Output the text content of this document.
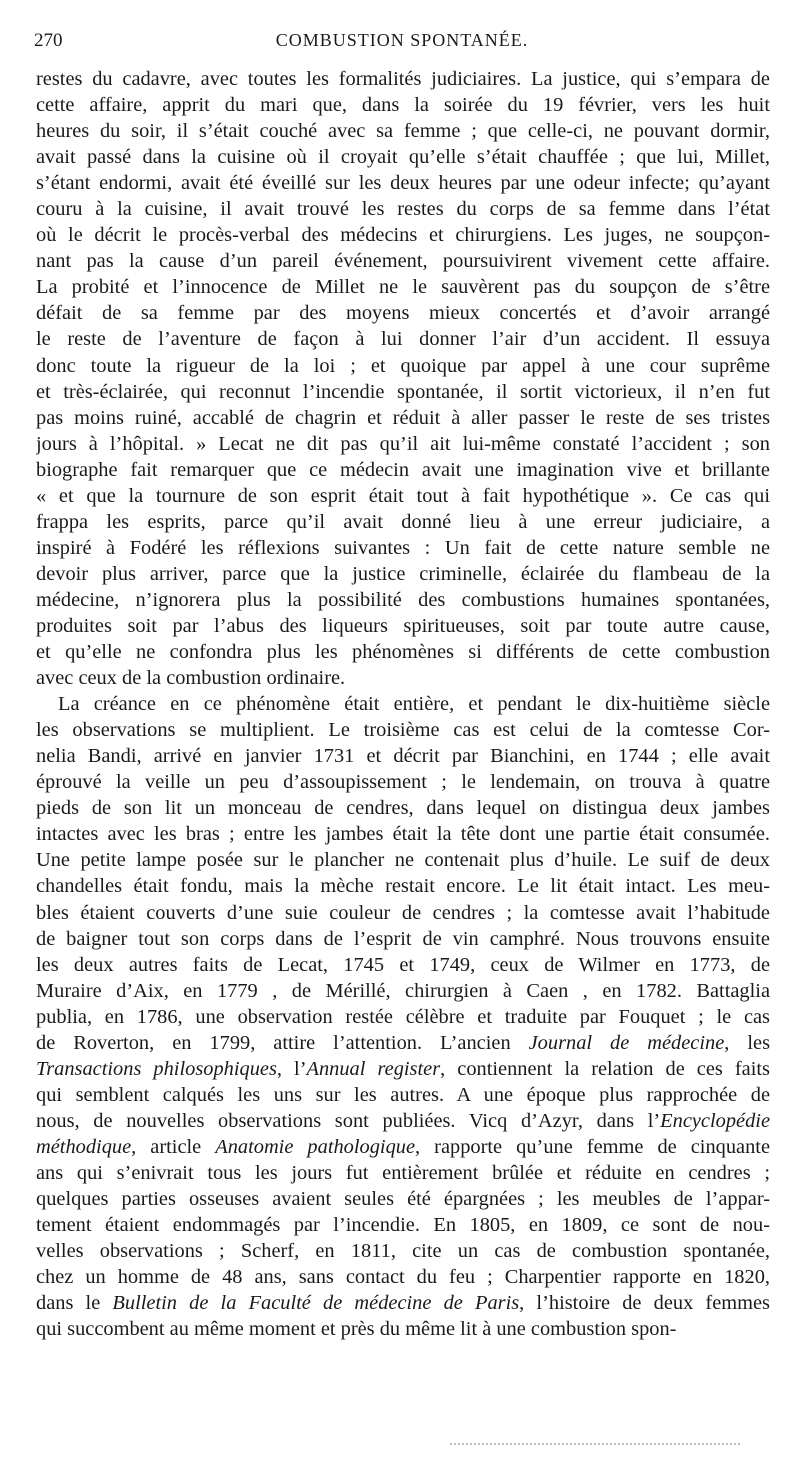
270	COMBUSTION SPONTANÉE.
restes du cadavre, avec toutes les formalités judiciaires. La justice, qui s’empara de
cette affaire, apprit du mari que, dans la soirée du 19 février, vers les huit
heures du soir, il s’était couché avec sa femme ; que celle-ci, ne pouvant dormir,
avait passé dans la cuisine où il croyait qu’elle s’était chauffée ; que lui, Millet,
s’étant endormi, avait été éveillé sur les deux heures par une odeur infecte; qu’ayant
couru à la cuisine, il avait trouvé les restes du corps de sa femme dans l’état
où le décrit le procès-verbal des médecins et chirurgiens. Les juges, ne soupçon-
nant pas la cause d’un pareil événement, poursuivirent vivement cette affaire.
La probité et l’innocence de Millet ne le sauvèrent pas du soupçon de s’être
défait de sa femme par des moyens mieux concertés et d’avoir arrangé
le reste de l’aventure de façon à lui donner l’air d’un accident. Il essuya
donc toute la rigueur de la loi ; et quoique par appel à une cour suprême
et très-éclairée, qui reconnut l’incendie spontanée, il sortit victorieux, il n’en fut
pas moins ruiné, accablé de chagrin et réduit à aller passer le reste de ses tristes
jours à l’hôpital. » Lecat ne dit pas qu’il ait lui-même constaté l’accident ; son
biographe fait remarquer que ce médecin avait une imagination vive et brillante
« et que la tournure de son esprit était tout à fait hypothétique ». Ce cas qui
frappa les esprits, parce qu’il avait donné lieu à une erreur judiciaire, a
inspiré à Fodéré les réflexions suivantes : Un fait de cette nature semble ne
devoir plus arriver, parce que la justice criminelle, éclairée du flambeau de la
médecine, n’ignorera plus la possibilité des combustions humaines spontanées,
produites soit par l’abus des liqueurs spiritueuses, soit par toute autre cause,
et qu’elle ne confondra plus les phénomènes si différents de cette combustion
avec ceux de la combustion ordinaire.
La créance en ce phénomène était entière, et pendant le dix-huitième siècle
les observations se multiplient. Le troisième cas est celui de la comtesse Cor-
nelia Bandi, arrivé en janvier 1731 et décrit par Bianchini, en 1744 ; elle avait
éprouvé la veille un peu d’assoupissement ; le lendemain, on trouva à quatre
pieds de son lit un monceau de cendres, dans lequel on distingua deux jambes
intactes avec les bras ; entre les jambes était la tête dont une partie était consumée.
Une petite lampe posée sur le plancher ne contenait plus d’huile. Le suif de deux
chandelles était fondu, mais la mèche restait encore. Le lit était intact. Les meu-
bles étaient couverts d’une suie couleur de cendres ; la comtesse avait l’habitude
de baigner tout son corps dans de l’esprit de vin camphré. Nous trouvons ensuite
les deux autres faits de Lecat, 1745 et 1749, ceux de Wilmer en 1773, de
Muraire d’Aix, en 1779 , de Mérillé, chirurgien à Caen , en 1782. Battaglia
publia, en 1786, une observation restée célèbre et traduite par Fouquet ; le cas
de Roverton, en 1799, attire l’attention. L’ancien Journal de médecine, les
Transactions philosophiques, l’Annual register, contiennent la relation de ces faits
qui semblent calqués les uns sur les autres. A une époque plus rapprochée de
nous, de nouvelles observations sont publiées. Vicq d’Azyr, dans l’Encyclopédie
méthodique, article Anatomie pathologique, rapporte qu’une femme de cinquante
ans qui s’enivrait tous les jours fut entièrement brûlée et réduite en cendres ;
quelques parties osseuses avaient seules été épargnées ; les meubles de l’appar-
tement étaient endommagés par l’incendie. En 1805, en 1809, ce sont de nou-
velles observations ; Scherf, en 1811, cite un cas de combustion spontanée,
chez un homme de 48 ans, sans contact du feu ; Charpentier rapporte en 1820,
dans le Bulletin de la Faculté de médecine de Paris, l’histoire de deux femmes
qui succombent au même moment et près du même lit à une combustion spon-
